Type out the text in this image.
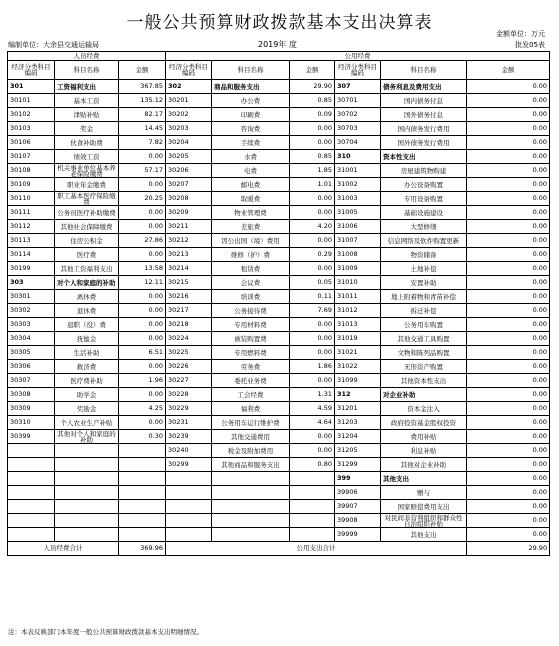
一般公共预算财政拨款基本支出决算表
金额单位：万元
编制单位：大余县交通运输局	2019年 度	批发05表
人员经费			公用经费					
经济分类科目编码	科目名称	金额	经济分类科目编码	科目名称	金额	经济分类科目编码	科目名称	金额
301	工资福利支出	367.85	302	商品和服务支出	29.90	307	债务利息及费用支出	0.00
30101	基本工资	135.12	30201	办公费	0.85	30701	国内债务付息	0.00
30102	津贴补贴	82.17	30202	印刷费	0.09	30702	国外债务付息	0.00
30103	奖金	14.45	30203	咨询费	0.00	30703	国内债务发行费用	0.00
30106	伙食补助费	7.82	30204	手续费	0.00	30704	国外债务发行费用	0.00
30107	绩效工资	0.00	30205	水费	0.85	310	资本性支出	0.00
30108	机关事业单位基本养老保险缴费	57.17	30206	电费	1.85	31001	房屋建筑物购建	0.00
30109	职业年金缴费	0.00	30207	邮电费	1.01	31002	办公设备购置	0.00
30110	职工基本医疗保险缴费	20.25	30208	取暖费	0.00	31003	专用设备购置	0.00
30111	公务员医疗补助缴费	0.00	30209	物业管理费	0.00	31005	基础设施建设	0.00
30112	其他社会保障缴费	0.00	30211	差旅费	4.20	31006	大型修缮	0.00
30113	住房公积金	27.86	30212	因公出国（境）费用	0.00	31007	信息网络及软件购置更新	0.00
30114	医疗费	0.00	30213	维修（护）费	0.29	31008	物资储备	0.00
30199	其他工资福利支出	13.58	30214	租赁费	0.00	31009	土地补偿	0.00
303	对个人和家庭的补助	12.11	30215	会议费	0.05	31010	安置补助	0.00
30301	离休费	0.00	30216	培训费	0.11	31011	地上附着物和青苗补偿	0.00
30302	退休费	0.00	30217	公务接待费	7.69	31012	拆迁补偿	0.00
30303	退职（役）费	0.00	30218	专用材料费	0.00	31013	公务用车购置	0.00
30304	抚恤金	0.00	30224	被装购置费	0.00	31019	其他交通工具购置	0.00
30305	生活补助	6.51	30225	专用燃料费	0.00	31021	文物和陈列品购置	0.00
30306	救济费	0.00	30226	劳务费	1.86	31022	无形资产购置	0.00
30307	医疗费补助	1.96	30227	委托业务费	0.00	31099	其他资本性支出	0.00
30308	助学金	0.00	30228	工会经费	1.31	312	对企业补助	0.00
30309	奖励金	4.25	30229	福利费	4.59	31201	资本金注入	0.00
30310	个人农业生产补贴	0.00	30231	公务用车运行维护费	4.64	31203	政府投资基金股权投资	0.00
30399	其他对个人和家庭的补助	0.30	30239	其他交通费用	0.00	31204	费用补贴	0.00
			30240	税金及附加费用	0.00	31205	利息补贴	0.00
			30299	其他商品和服务支出	0.80	31299	其他对企业补助	0.00
						399	其他支出	0.00
						39906	赠与	0.00
						39907	国家赔偿费用支出	0.00
						39908	对民间非营利组织和群众性自治组织补贴	0.00
						39999	其他支出	0.00
人员经费合计		369.96	公用支出合计					29.90
注：本表反映部门本年度一般公共预算财政拨款基本支出明细情况。
